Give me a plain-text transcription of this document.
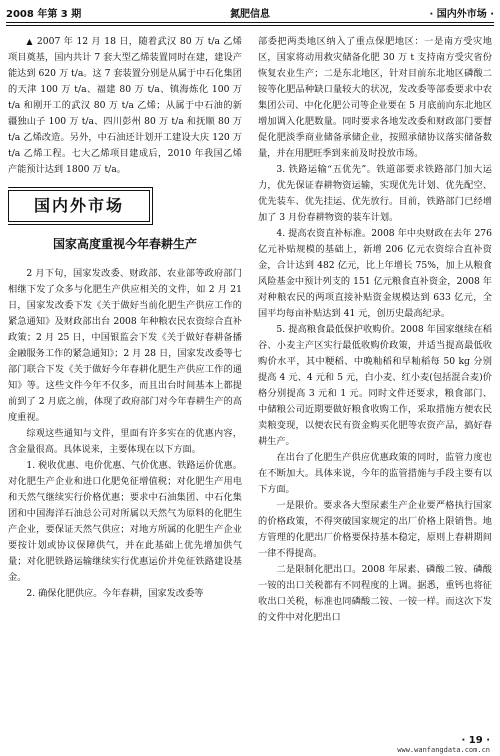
2008 年第 3 期	氮肥信息	· 国内外市场 ·

▲ 2007 年 12 月 18 日，随着武汉 80 万 t/a 乙烯项目奠基，国内共计 7 套大型乙烯装置同时在建，建设产能达到 620 万 t/a。这 7 套装置分别是从属于中石化集团的天津 100 万 t/a、福建 80 万 t/a、镇海炼化 100 万 t/a 和刚开工的武汉 80 万 t/a 乙烯；从属于中石油的新疆独山子 100 万 t/a、四川彭州 80 万 t/a 和抚顺 80 万 t/a 乙烯改造。另外，中石油还计划开工建设大庆 120 万 t/a 乙烯工程。七大乙烯项目建成后，2010 年我国乙烯产能预计达到 1800 万 t/a。

国内外市场
国家高度重视今年春耕生产

2 月下旬，国家发改委、财政部、农业部等政府部门相继下发了众多与化肥生产供应相关的文件，如 2 月 21 日，国家发改委下发《关于做好当前化肥生产供应工作的紧急通知》及财政部出台 2008 年种粮农民农资综合直补政策；2 月 25 日，中国银监会下发《关于做好春耕备播金融服务工作的紧急通知》；2 月 28 日，国家发改委等七部门联合下发《关于做好今年春耕化肥生产供应工作的通知》等。这些文件今年不仅多，而且出台时间基本上都提前到了 2 月底之前，体现了政府部门对今年春耕生产的高度重视。

综观这些通知与文件，里面有许多实在的优惠内容，含金量很高。具体说来，主要体现在以下方面。

1. 税收优惠、电价优惠、气价优惠、铁路运价优惠。对化肥生产企业和进口化肥免征增值税；对化肥生产用电和天然气继续实行价格优惠；要求中石油集团、中石化集团和中国海洋石油总公司对所属以天然气为原料的化肥生产企业，要保证天然气供应；对地方所属的化肥生产企业要按计划或协议保障供气，并在此基础上优先增加供气量；对化肥铁路运输继续实行优惠运价并免征铁路建设基金。

2. 确保化肥供应。今年春耕，国家发改委等

部委把两类地区纳入了重点保肥地区：一是南方受灾地区，国家将动用救灾储备化肥 30 万 t 支持南方受灾省份恢复农业生产；二是东北地区，针对目前东北地区磷酸二铵等化肥品种缺口量较大的状况，发改委等部委要求中农集团公司、中化化肥公司等企业要在 5 月底前向东北地区增加调入化肥数量。同时要求各地发改委和财政部门要督促化肥淡季商业储备承储企业，按照承储协议落实储备数量，并在用肥旺季到来前及时投放市场。

3. 铁路运输“五优先”。铁道部要求铁路部门加大运力，优先保证春耕物资运输，实现优先计划、优先配空、优先装车、优先挂运、优先放行。目前，铁路部门已经增加了 3 月份春耕物资的装车计划。

4. 提高农资直补标准。2008 年中央财政在去年 276 亿元补贴规模的基础上，新增 206 亿元农资综合直补资金，合计达到 482 亿元，比上年增长 75%，加上从粮食风险基金中预计列支的 151 亿元粮食直补资金，2008 年对种粮农民的两项直接补贴资金规模达到 633 亿元，全国平均每亩补贴达到 41 元，创历史最高纪录。

5. 提高粮食最低保护收购价。2008 年国家继续在稻谷、小麦主产区实行最低收购价政策，并适当提高最低收购价水平，其中粳稻、中晚籼稻和早籼稻每 50 kg 分别提高 4 元、4 元和 5 元，白小麦、红小麦(包括混合麦)价格分别提高 3 元和 1 元。同时文件还要求，粮食部门、中储粮公司近期要做好粮食收购工作，采取措施方便农民卖粮变现，以便农民有资金购买化肥等农资产品，搞好春耕生产。

在出台了化肥生产供应优惠政策的同时，监管力度也在不断加大。具体来说，今年的监管措施与手段主要有以下方面。

一是限价。要求各大型尿素生产企业要严格执行国家的价格政策，不得突破国家规定的出厂价格上限销售。地方管理的化肥出厂价格要保持基本稳定，原则上春耕期间一律不得提高。

二是限制化肥出口。2008 年尿素、磷酸二铵、磷酸一铵的出口关税都有不同程度的上调。据悉，重钙也将征收出口关税，标准也同磷酸二铵、一铵一样。而这次下发的文件中对化肥出口

· 19 ·
www.wanfangdata.com.cn
